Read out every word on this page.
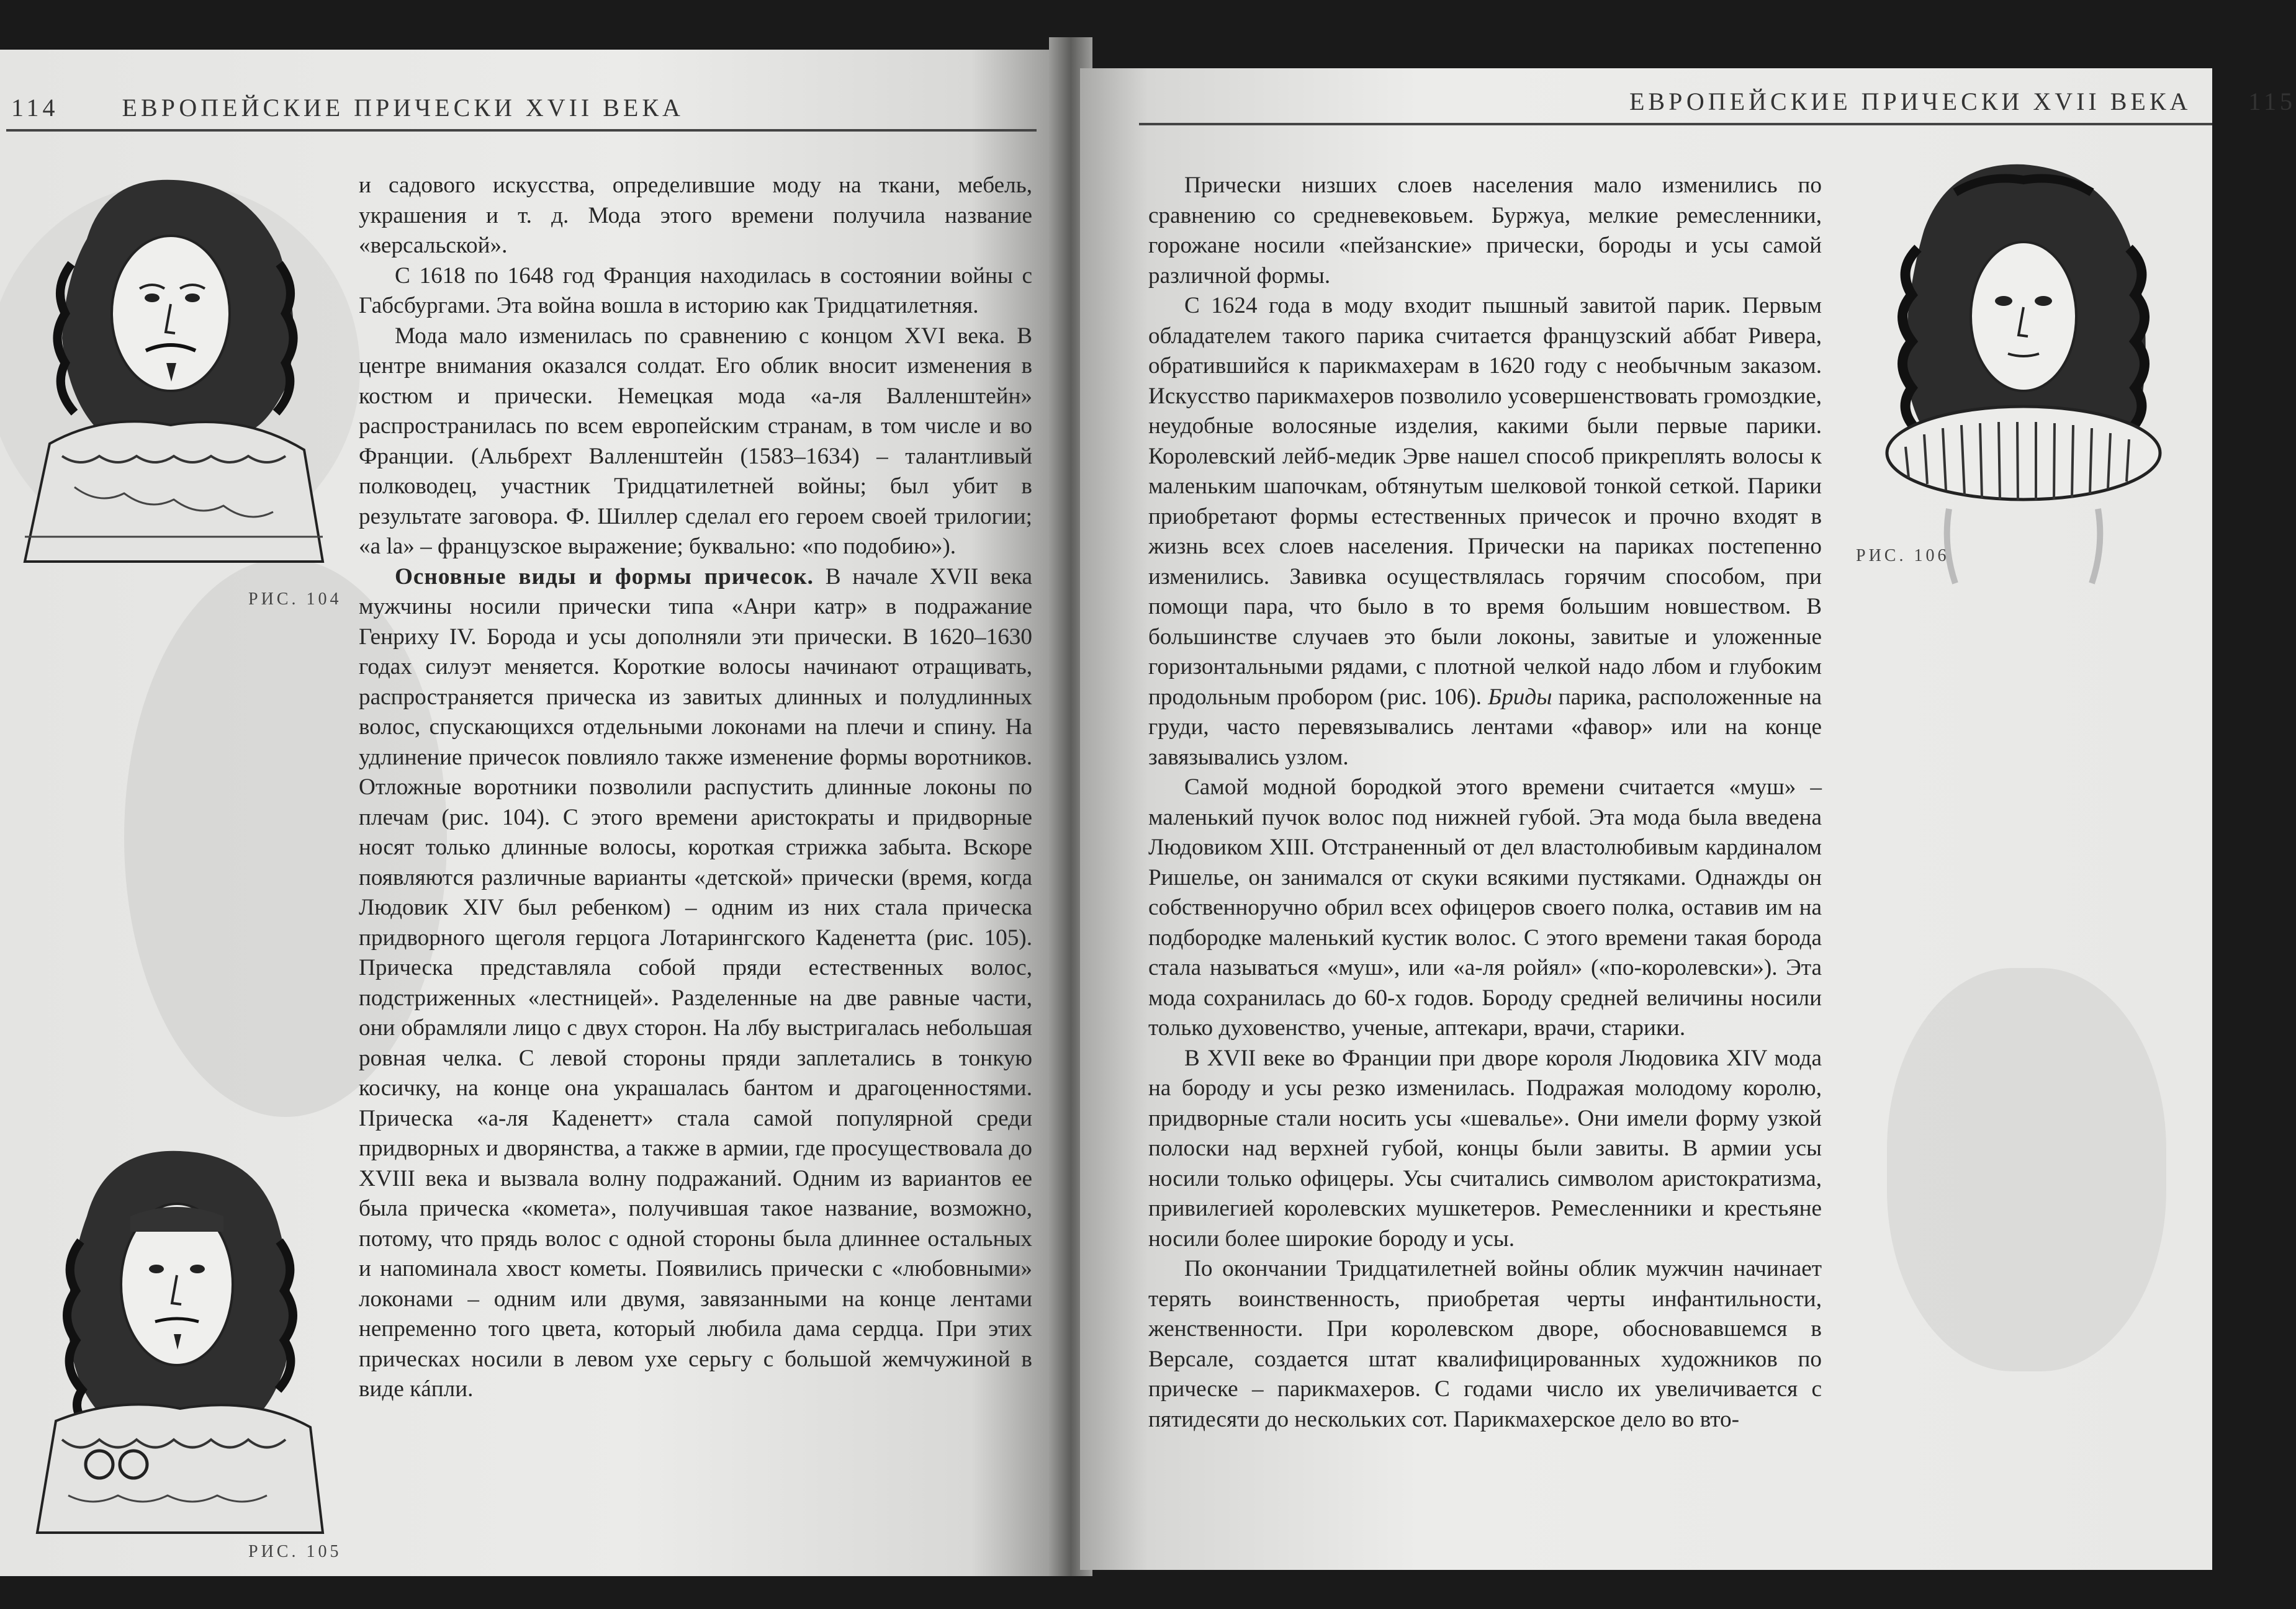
114	ЕВРОПЕЙСКИЕ ПРИЧЕСКИ XVII ВЕКА
РИС. 104
РИС. 105

и садового искусства, определившие моду на ткани, мебель, украшения и т. д. Мода этого времени получила название «версальской».

С 1618 по 1648 год Франция находилась в состоянии войны с Габсбургами. Эта война вошла в историю как Тридцатилетняя.

Мода мало изменилась по сравнению с концом XVI века. В центре внимания оказался солдат. Его облик вносит изменения в костюм и прически. Немецкая мода «а-ля Валленштейн» распространилась по всем европейским странам, в том числе и во Франции. (Альбрехт Валленштейн (1583–1634) – талантливый полководец, участник Тридцатилетней войны; был убит в результате заговора. Ф. Шиллер сделал его героем своей трилогии; «а la» – французское выражение; буквально: «по подобию»).

Основные виды и формы причесок. В начале XVII века мужчины носили прически типа «Анри катр» в подражание Генриху IV. Борода и усы дополняли эти прически. В 1620–1630 годах силуэт меняется. Короткие волосы начинают отращивать, распространяется прическа из завитых длинных и полудлинных волос, спускающихся отдельными локонами на плечи и спину. На удлинение причесок повлияло также изменение формы воротников. Отложные воротники позволили распустить длинные локоны по плечам (рис. 104). С этого времени аристократы и придворные носят только длинные волосы, короткая стрижка забыта. Вскоре появляются различные варианты «детской» прически (время, когда Людовик XIV был ребенком) – одним из них стала прическа придворного щеголя герцога Лотарингского Каденетта (рис. 105). Прическа представляла собой пряди естественных волос, подстриженных «лестницей». Разделенные на две равные части, они обрамляли лицо с двух сторон. На лбу выстригалась небольшая ровная челка. С левой стороны пряди заплетались в тонкую косичку, на конце она украшалась бантом и драгоценностями. Прическа «а-ля Каденетт» стала самой популярной среди придворных и дворянства, а также в армии, где просуществовала до XVIII века и вызвала волну подражаний. Одним из вариантов ее была прическа «комета», получившая такое название, возможно, потому, что прядь волос с одной стороны была длиннее остальных и напоминала хвост кометы. Появились прически с «любовными» локонами – одним или двумя, завязанными на конце лентами непременно того цвета, который любила дама сердца. При этих прическах носили в левом ухе серьгу с большой жемчужиной в виде кáпли.

ЕВРОПЕЙСКИЕ ПРИЧЕСКИ XVII ВЕКА 115
РИС. 106

Прически низших слоев населения мало изменились по сравнению со средневековьем. Буржуа, мелкие ремесленники, горожане носили «пейзанские» прически, бороды и усы самой различной формы.

С 1624 года в моду входит пышный завитой парик. Первым обладателем такого парика считается французский аббат Ривера, обратившийся к парикмахерам в 1620 году с необычным заказом. Искусство парикмахеров позволило усовершенствовать громоздкие, неудобные волосяные изделия, какими были первые парики. Королевский лейб-медик Эрве нашел способ прикреплять волосы к маленьким шапочкам, обтянутым шелковой тонкой сеткой. Парики приобретают формы естественных причесок и прочно входят в жизнь всех слоев населения. Прически на париках постепенно изменились. Завивка осуществлялась горячим способом, при помощи пара, что было в то время большим новшеством. В большинстве случаев это были локоны, завитые и уложенные горизонтальными рядами, с плотной челкой надо лбом и глубоким продольным пробором (рис. 106). Бриды парика, расположенные на груди, часто перевязывались лентами «фавор» или на конце завязывались узлом.

Самой модной бородкой этого времени считается «муш» – маленький пучок волос под нижней губой. Эта мода была введена Людовиком XIII. Отстраненный от дел властолюбивым кардиналом Ришелье, он занимался от скуки всякими пустяками. Однажды он собственноручно обрил всех офицеров своего полка, оставив им на подбородке маленький кустик волос. С этого времени такая борода стала называться «муш», или «а-ля ройял» («по-королевски»). Эта мода сохранилась до 60-х годов. Бороду средней величины носили только духовенство, ученые, аптекари, врачи, старики.

В XVII веке во Франции при дворе короля Людовика XIV мода на бороду и усы резко изменилась. Подражая молодому королю, придворные стали носить усы «шевалье». Они имели форму узкой полоски над верхней губой, концы были завиты. В армии усы носили только офицеры. Усы считались символом аристократизма, привилегией королевских мушкетеров. Ремесленники и крестьяне носили более широкие бороду и усы.

По окончании Тридцатилетней войны облик мужчин начинает терять воинственность, приобретая черты инфантильности, женственности. При королевском дворе, обосновавшемся в Версале, создается штат квалифицированных художников по прическе – парикмахеров. С годами число их увеличивается с пятидесяти до нескольких сот. Парикмахерское дело во вто-
